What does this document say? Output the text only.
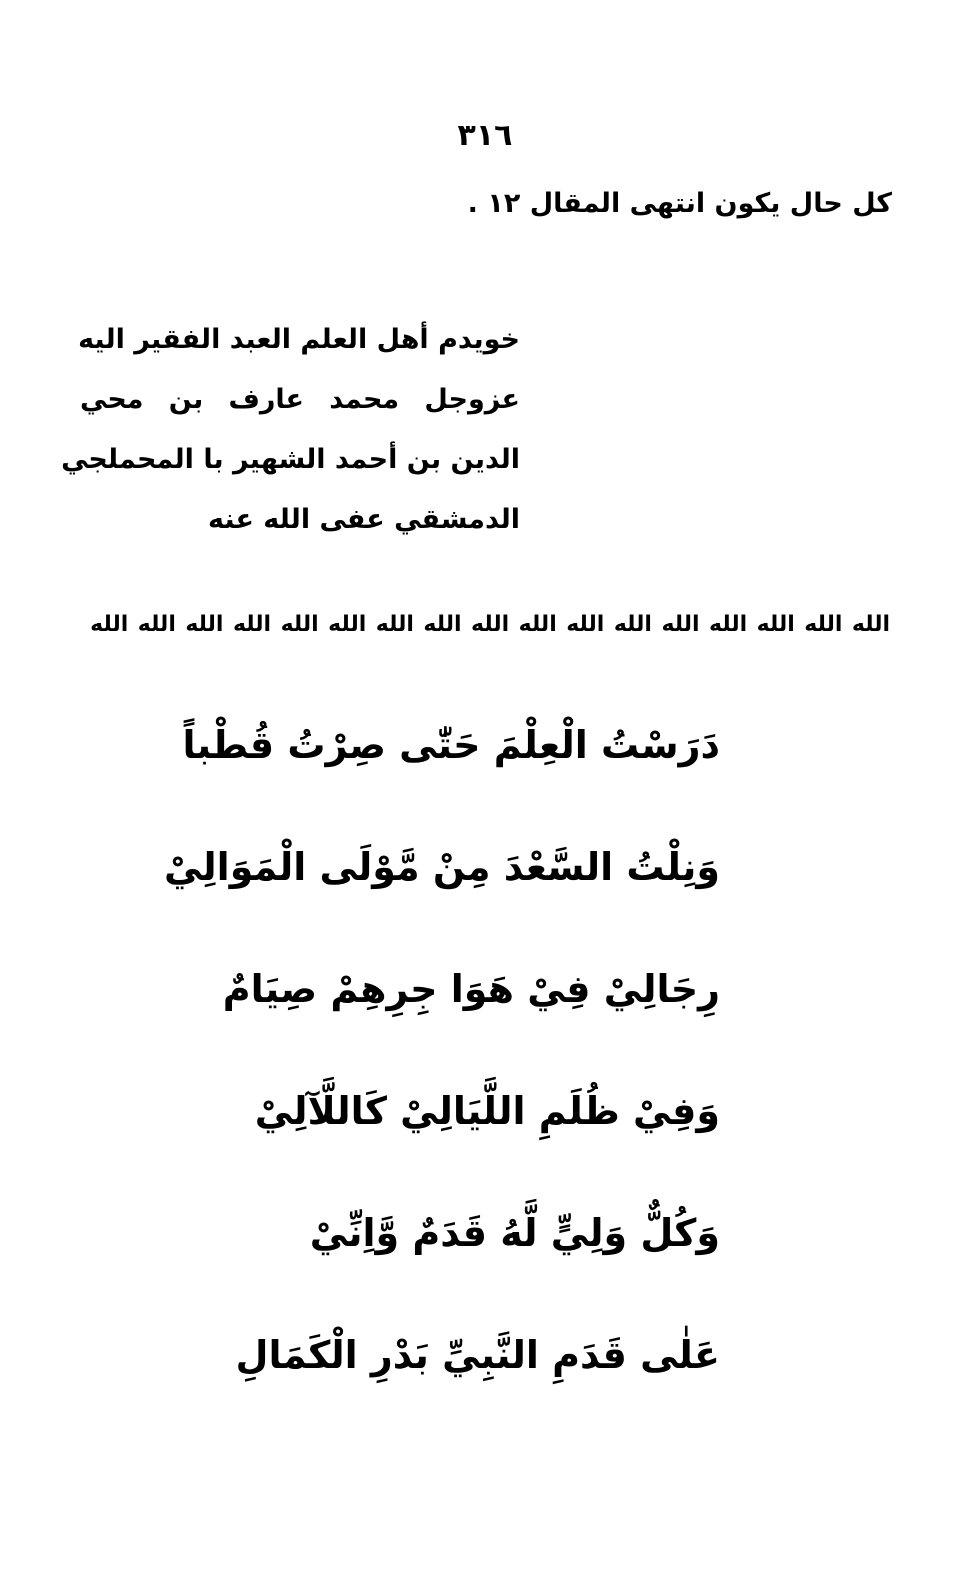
٣١٦
كل حال يكون انتهى المقال ١٢ .
خويدم أهل العلم العبد الفقير اليه
عزوجل محمد عارف بن محي
الدين بن أحمد الشهير با المحملجي
الدمشقي عفى الله عنه
الله
الله
الله
الله
الله
الله
الله
الله
الله
الله
الله
الله
الله
الله
الله
الله
الله
دَرَسْتُ الْعِلْمَ حَتّٰى صِرْتُ قُطْباً
وَنِلْتُ السَّعْدَ مِنْ مَّوْلَى الْمَوَالِيْ
رِجَالِيْ فِيْ هَوَا جِرِهِمْ صِيَامٌ
وَفِيْ ظُلَمِ اللَّيَالِيْ كَاللَّآلِيْ
وَكُلٌّ وَلِيٍّ لَّهُ قَدَمٌ وَّاِنِّيْ
عَلٰى قَدَمِ النَّبِيِّ بَدْرِ الْكَمَالِ
